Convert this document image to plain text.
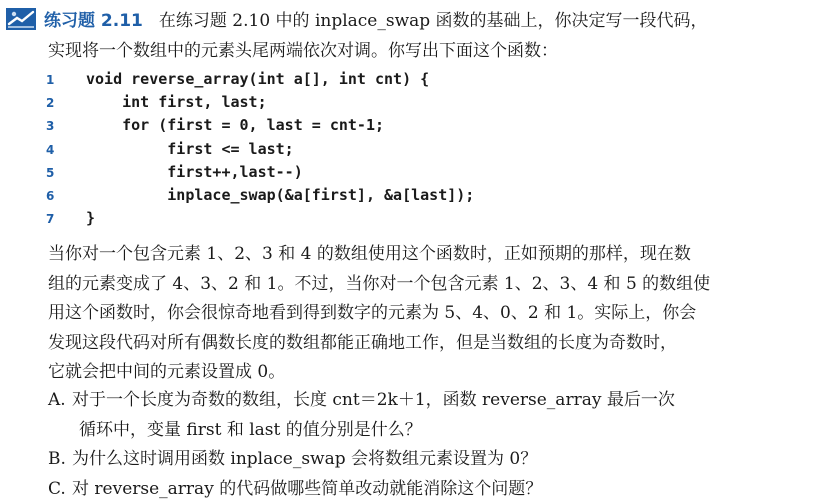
练习题 2.11 在练习题 2.10 中的 inplace_swap 函数的基础上，你决定写一段代码，
实现将一个数组中的元素头尾两端依次对调。你写出下面这个函数：
1 void reverse_array(int a[], int cnt) {
2    int first, last;
3    for (first = 0, last = cnt-1;
4         first <= last;
5         first++,last--)
6         inplace_swap(&a[first], &a[last]);
7 }
当你对一个包含元素 1、2、3 和 4 的数组使用这个函数时，正如预期的那样，现在数
组的元素变成了 4、3、2 和 1。不过，当你对一个包含元素 1、2、3、4 和 5 的数组使
用这个函数时，你会很惊奇地看到得到数字的元素为 5、4、0、2 和 1。实际上，你会
发现这段代码对所有偶数长度的数组都能正确地工作，但是当数组的长度为奇数时，
它就会把中间的元素设置成 0。
A. 对于一个长度为奇数的数组，长度 cnt＝2k＋1，函数 reverse_array 最后一次
循环中，变量 first 和 last 的值分别是什么？
B. 为什么这时调用函数 inplace_swap 会将数组元素设置为 0？
C. 对 reverse_array 的代码做哪些简单改动就能消除这个问题？
